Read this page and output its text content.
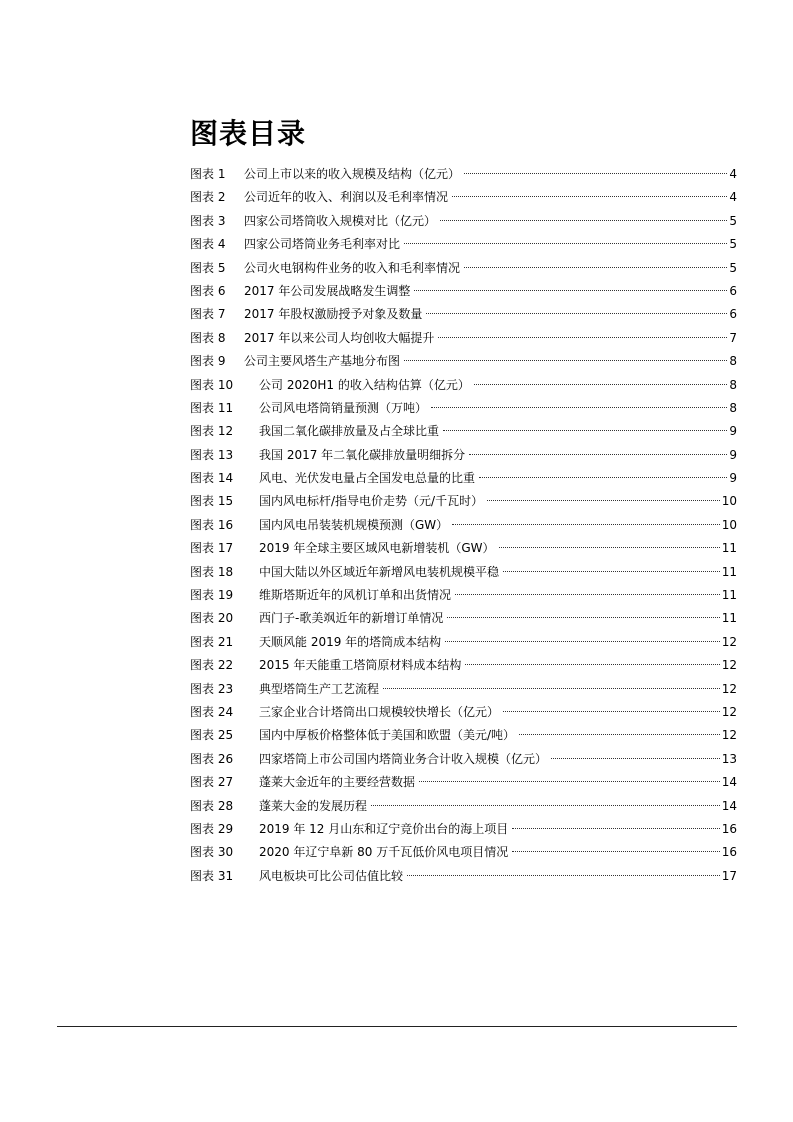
图表目录
图表 1	公司上市以来的收入规模及结构（亿元）	4
图表 2	公司近年的收入、利润以及毛利率情况	4
图表 3	四家公司塔筒收入规模对比（亿元）	5
图表 4	四家公司塔筒业务毛利率对比	5
图表 5	公司火电钢构件业务的收入和毛利率情况	5
图表 6	2017 年公司发展战略发生调整	6
图表 7	2017 年股权激励授予对象及数量	6
图表 8	2017 年以来公司人均创收大幅提升	7
图表 9	公司主要风塔生产基地分布图	8
图表 10	公司 2020H1 的收入结构估算（亿元）	8
图表 11	公司风电塔筒销量预测（万吨）	8
图表 12	我国二氧化碳排放量及占全球比重	9
图表 13	我国 2017 年二氧化碳排放量明细拆分	9
图表 14	风电、光伏发电量占全国发电总量的比重	9
图表 15	国内风电标杆/指导电价走势（元/千瓦时）	10
图表 16	国内风电吊装装机规模预测（GW）	10
图表 17	2019 年全球主要区域风电新增装机（GW）	11
图表 18	中国大陆以外区域近年新增风电装机规模平稳	11
图表 19	维斯塔斯近年的风机订单和出货情况	11
图表 20	西门子-歌美飒近年的新增订单情况	11
图表 21	天顺风能 2019 年的塔筒成本结构	12
图表 22	2015 年天能重工塔筒原材料成本结构	12
图表 23	典型塔筒生产工艺流程	12
图表 24	三家企业合计塔筒出口规模较快增长（亿元）	12
图表 25	国内中厚板价格整体低于美国和欧盟（美元/吨）	12
图表 26	四家塔筒上市公司国内塔筒业务合计收入规模（亿元）	13
图表 27	蓬莱大金近年的主要经营数据	14
图表 28	蓬莱大金的发展历程	14
图表 29	2019 年 12 月山东和辽宁竞价出台的海上项目	16
图表 30	2020 年辽宁阜新 80 万千瓦低价风电项目情况	16
图表 31	风电板块可比公司估值比较	17
